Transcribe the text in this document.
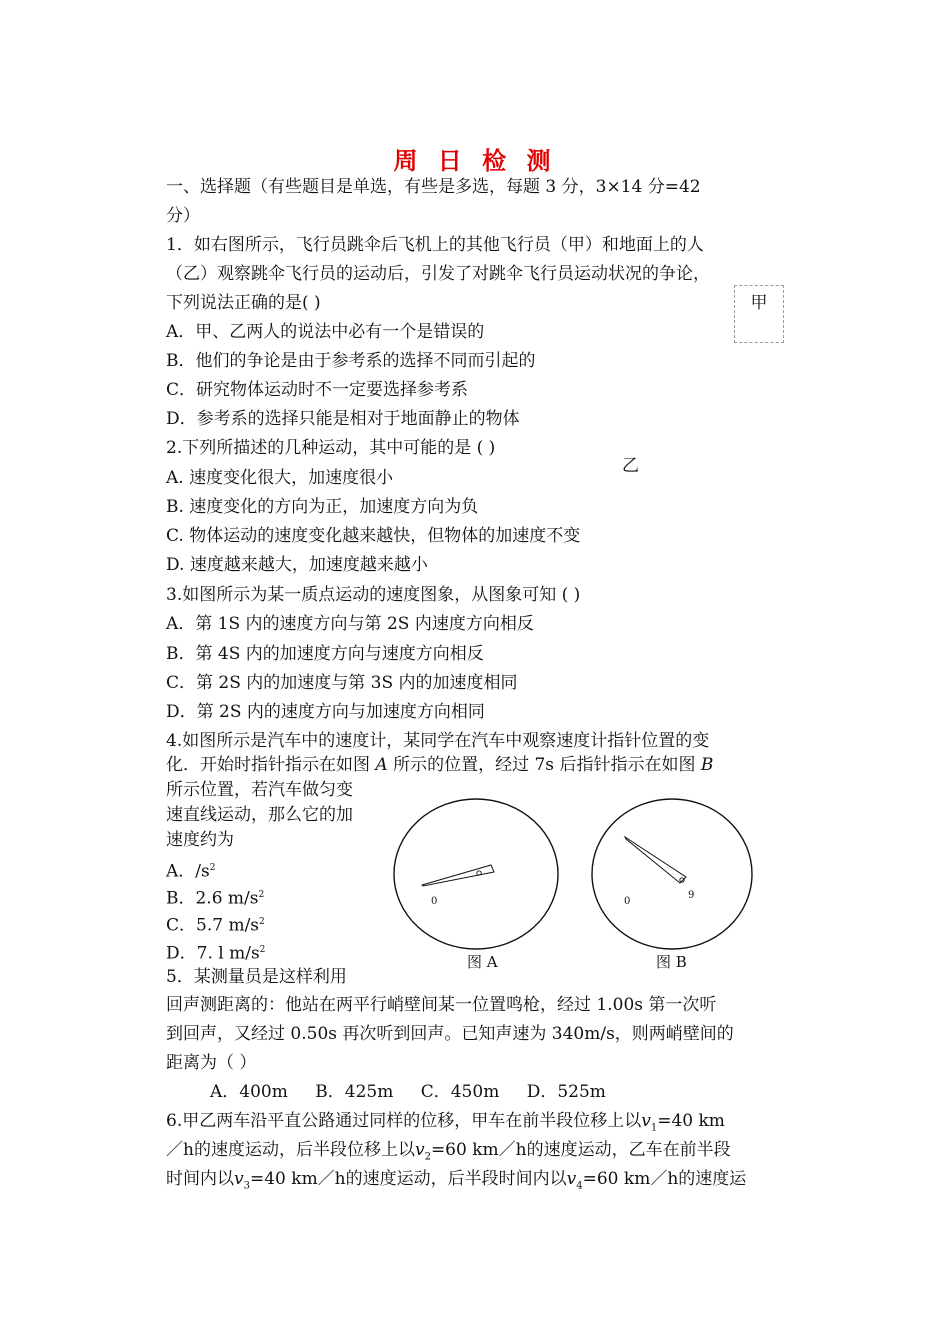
周 日 检 测
一、选择题（有些题目是单选，有些是多选，每题 3 分，3×14 分=42
分）
1．如右图所示，飞行员跳伞后飞机上的其他飞行员（甲）和地面上的人
（乙）观察跳伞飞行员的运动后，引发了对跳伞飞行员运动状况的争论，
下列说法正确的是( )
A．甲、乙两人的说法中必有一个是错误的
B．他们的争论是由于参考系的选择不同而引起的
C．研究物体运动时不一定要选择参考系
D．参考系的选择只能是相对于地面静止的物体
甲
乙
2.下列所描述的几种运动，其中可能的是 ( )
A. 速度变化很大，加速度很小
B. 速度变化的方向为正，加速度方向为负
C. 物体运动的速度变化越来越快，但物体的加速度不变
D. 速度越来越大，加速度越来越小
3.如图所示为某一质点运动的速度图象，从图象可知 ( )
A．第 1S 内的速度方向与第 2S 内速度方向相反
B．第 4S 内的加速度方向与速度方向相反
C．第 2S 内的加速度与第 3S 内的加速度相同
D．第 2S 内的速度方向与加速度方向相同
4.如图所示是汽车中的速度计，某同学在汽车中观察速度计指针位置的变
化．开始时指针指示在如图 A 所示的位置，经过 7s 后指针指示在如图 B
所示位置，若汽车做匀变
速直线运动，那么它的加
速度约为
A．$/s^2$
B．2.6 $m/s^2$
C．5.7 $m/s^2$
D．7. l $m/s^2$
0
图 A
0
9
图 B
5．某测量员是这样利用
回声测距离的：他站在两平行峭壁间某一位置鸣枪，经过 1.00s 第一次听
到回声，又经过 0.50s 再次听到回声。已知声速为 340m/s，则两峭壁间的
距离为（ ）
A．400m B．425m C．450m D．525m
6.甲乙两车沿平直公路通过同样的位移，甲车在前半段位移上以$v_1=40$ km
／h的速度运动，后半段位移上以$v_2=60$ km／h的速度运动，乙车在前半段
时间内以$v_3=40$ km／h的速度运动，后半段时间内以$v_4=60$ km／h的速度运
